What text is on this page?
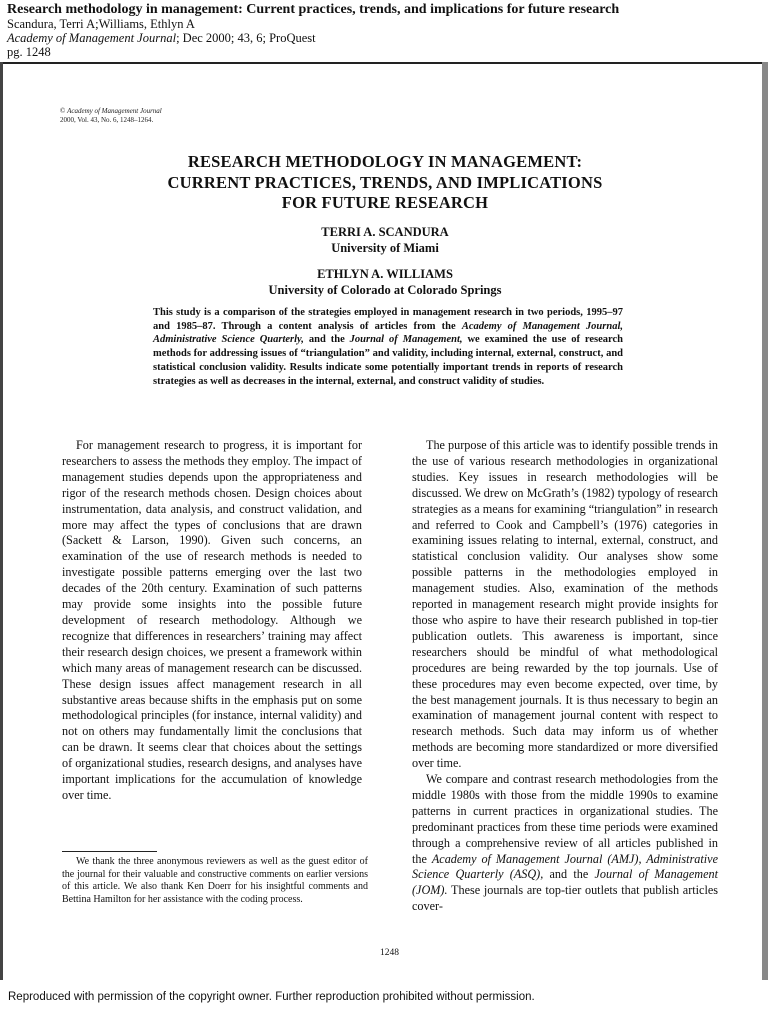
Research methodology in management: Current practices, trends, and implications for future research
Scandura, Terri A;Williams, Ethlyn A
Academy of Management Journal; Dec 2000; 43, 6; ProQuest
pg. 1248
© Academy of Management Journal
2000, Vol. 43, No. 6, 1248–1264.
RESEARCH METHODOLOGY IN MANAGEMENT:
CURRENT PRACTICES, TRENDS, AND IMPLICATIONS
FOR FUTURE RESEARCH
TERRI A. SCANDURA
University of Miami
ETHLYN A. WILLIAMS
University of Colorado at Colorado Springs
This study is a comparison of the strategies employed in management research in two periods, 1995–97 and 1985–87. Through a content analysis of articles from the Academy of Management Journal, Administrative Science Quarterly, and the Journal of Management, we examined the use of research methods for addressing issues of “triangulation” and validity, including internal, external, construct, and statistical conclusion validity. Results indicate some potentially important trends in reports of research strategies as well as decreases in the internal, external, and construct validity of studies.

For management research to progress, it is important for researchers to assess the methods they employ. The impact of management studies depends upon the appropriateness and rigor of the research methods chosen. Design choices about instrumentation, data analysis, and construct validation, and more may affect the types of conclusions that are drawn (Sackett & Larson, 1990). Given such concerns, an examination of the use of research methods is needed to investigate possible patterns emerging over the last two decades of the 20th century. Examination of such patterns may provide some insights into the possible future development of research methodology. Although we recognize that differences in researchers’ training may affect their research design choices, we present a framework within which many areas of management research can be discussed. These design issues affect management research in all substantive areas because shifts in the emphasis put on some methodological principles (for instance, internal validity) and not on others may fundamentally limit the conclusions that can be drawn. It seems clear that choices about the settings of organizational studies, research designs, and analyses have important implications for the accumulation of knowledge over time.

The purpose of this article was to identify possible trends in the use of various research methodologies in organizational studies. Key issues in research methodologies will be discussed. We drew on McGrath’s (1982) typology of research strategies as a means for examining “triangulation” in research and referred to Cook and Campbell’s (1976) categories in examining issues relating to internal, external, construct, and statistical conclusion validity. Our analyses show some possible patterns in the methodologies employed in management studies. Also, examination of the methods reported in management research might provide insights for those who aspire to have their research published in top-tier publication outlets. This awareness is important, since researchers should be mindful of what methodological procedures are being rewarded by the top journals. Use of these procedures may even become expected, over time, by the best management journals. It is thus necessary to begin an examination of management journal content with respect to research methods. Such data may inform us of whether methods are becoming more standardized or more diversified over time.

We compare and contrast research methodologies from the middle 1980s with those from the middle 1990s to examine patterns in current practices in organizational studies. The predominant practices from these time periods were examined through a comprehensive review of all articles published in the Academy of Management Journal (AMJ), Administrative Science Quarterly (ASQ), and the Journal of Management (JOM). These journals are top-tier outlets that publish articles cover-

We thank the three anonymous reviewers as well as the guest editor of the journal for their valuable and constructive comments on earlier versions of this article. We also thank Ken Doerr for his insightful comments and Bettina Hamilton for her assistance with the coding process.

1248
Reproduced with permission of the copyright owner. Further reproduction prohibited without permission.
